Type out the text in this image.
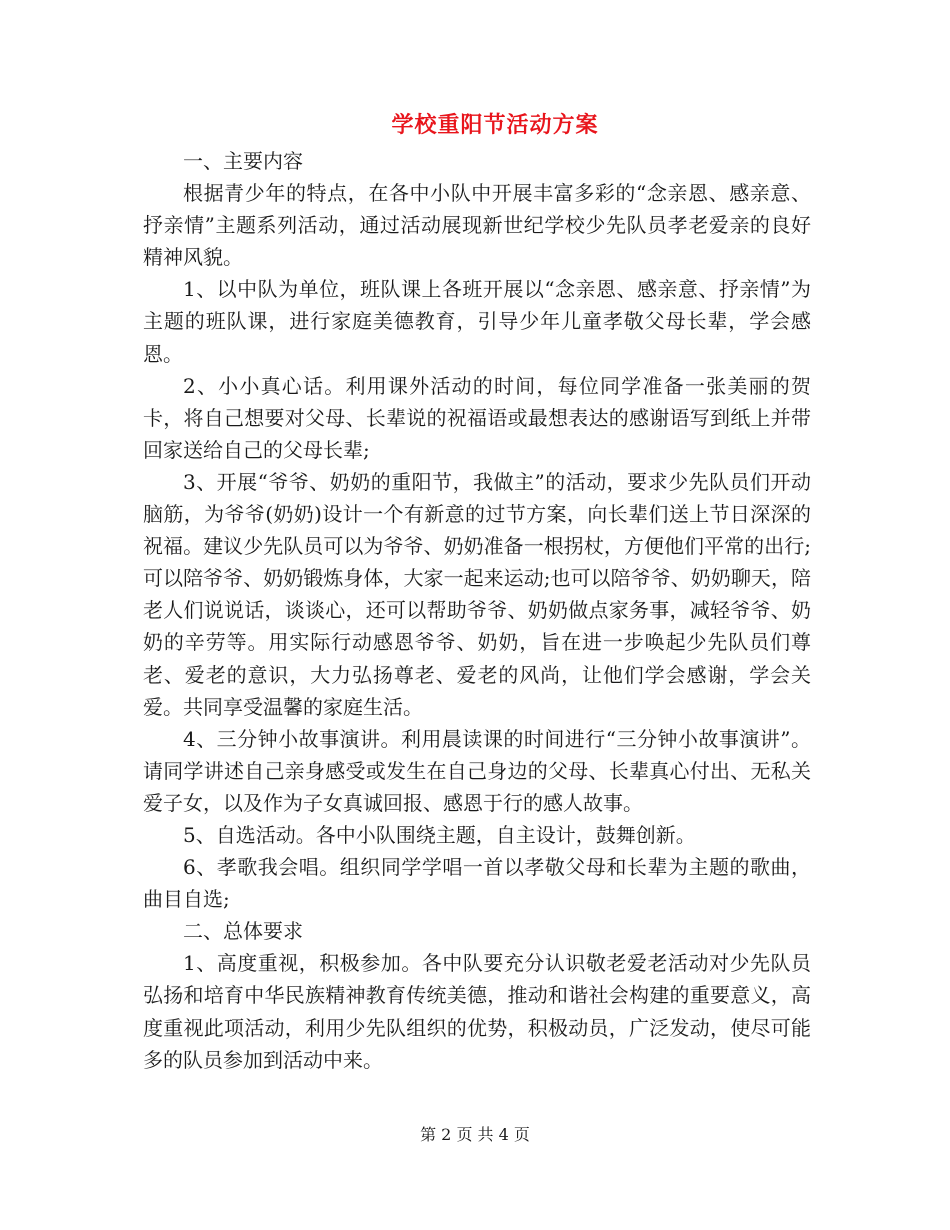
学校重阳节活动方案

一、主要内容

根据青少年的特点，在各中小队中开展丰富多彩的“念亲恩、感亲意、抒亲情”主题系列活动，通过活动展现新世纪学校少先队员孝老爱亲的良好精神风貌。

1、以中队为单位，班队课上各班开展以“念亲恩、感亲意、抒亲情”为主题的班队课，进行家庭美德教育，引导少年儿童孝敬父母长辈，学会感恩。

2、小小真心话。利用课外活动的时间，每位同学准备一张美丽的贺卡，将自己想要对父母、长辈说的祝福语或最想表达的感谢语写到纸上并带回家送给自己的父母长辈;

3、开展“爷爷、奶奶的重阳节，我做主”的活动，要求少先队员们开动脑筋，为爷爷(奶奶)设计一个有新意的过节方案，向长辈们送上节日深深的祝福。建议少先队员可以为爷爷、奶奶准备一根拐杖，方便他们平常的出行;可以陪爷爷、奶奶锻炼身体，大家一起来运动;也可以陪爷爷、奶奶聊天，陪老人们说说话，谈谈心，还可以帮助爷爷、奶奶做点家务事，减轻爷爷、奶奶的辛劳等。用实际行动感恩爷爷、奶奶，旨在进一步唤起少先队员们尊老、爱老的意识，大力弘扬尊老、爱老的风尚，让他们学会感谢，学会关爱。共同享受温馨的家庭生活。

4、三分钟小故事演讲。利用晨读课的时间进行“三分钟小故事演讲”。请同学讲述自己亲身感受或发生在自己身边的父母、长辈真心付出、无私关爱子女，以及作为子女真诚回报、感恩于行的感人故事。

5、自选活动。各中小队围绕主题，自主设计，鼓舞创新。

6、孝歌我会唱。组织同学学唱一首以孝敬父母和长辈为主题的歌曲，曲目自选;

二、总体要求

1、高度重视，积极参加。各中队要充分认识敬老爱老活动对少先队员弘扬和培育中华民族精神教育传统美德，推动和谐社会构建的重要意义，高度重视此项活动，利用少先队组织的优势，积极动员，广泛发动，使尽可能多的队员参加到活动中来。

第 2 页 共 4 页
